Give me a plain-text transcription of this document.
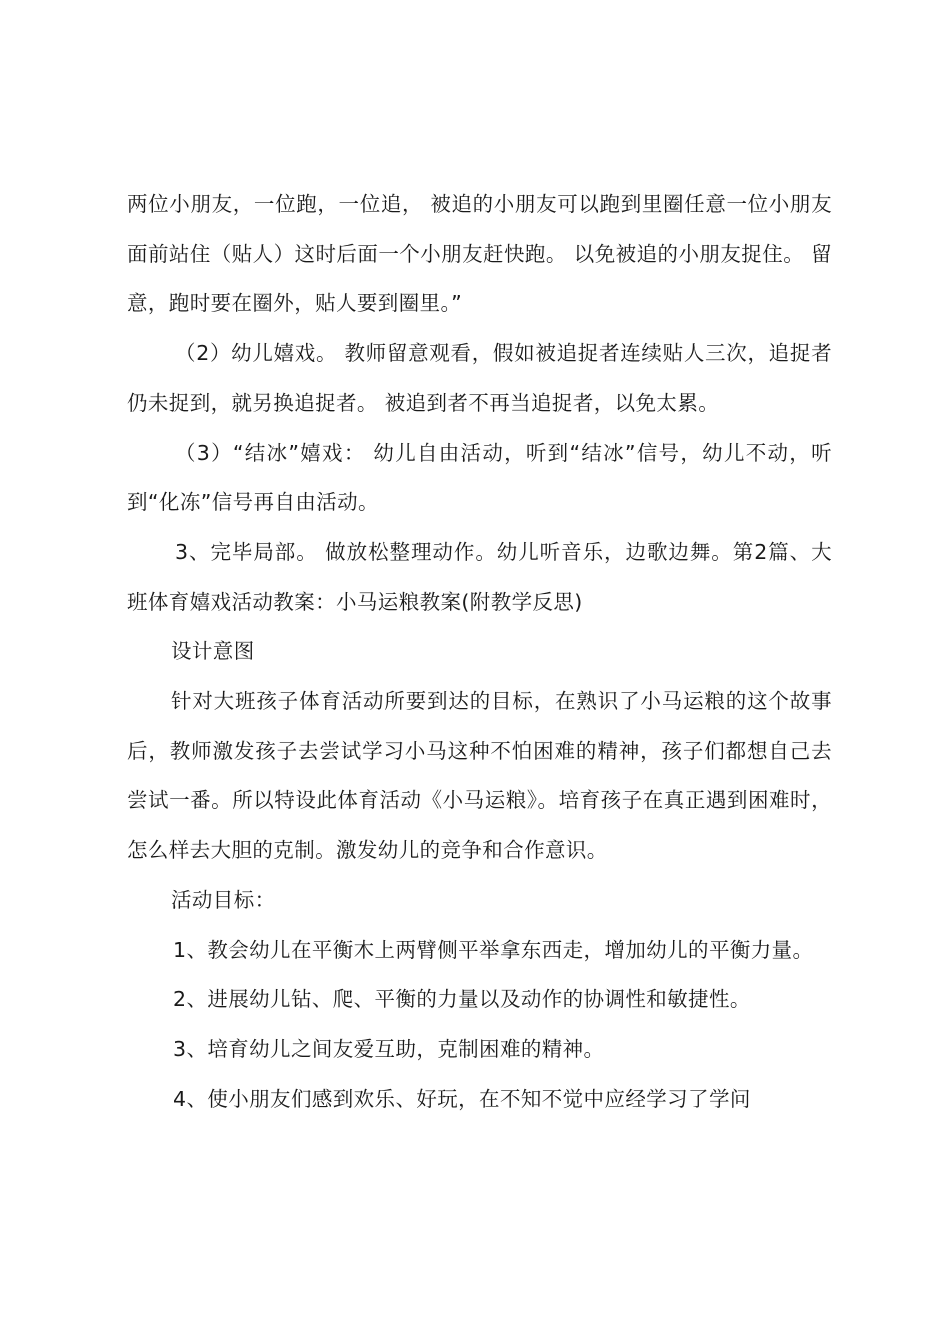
两位小朋友，一位跑，一位追， 被追的小朋友可以跑到里圈任意一位小朋友面前站住（贴人）这时后面一个小朋友赶快跑。 以免被追的小朋友捉住。 留意，跑时要在圈外，贴人要到圈里。”

（2）幼儿嬉戏。 教师留意观看，假如被追捉者连续贴人三次，追捉者仍未捉到，就另换追捉者。 被追到者不再当追捉者，以免太累。

（3）“结冰”嬉戏： 幼儿自由活动，听到“结冰”信号，幼儿不动，听到“化冻”信号再自由活动。

3、完毕局部。 做放松整理动作。幼儿听音乐，边歌边舞。第2篇、大班体育嬉戏活动教案：小马运粮教案(附教学反思)

设计意图

针对大班孩子体育活动所要到达的目标，在熟识了小马运粮的这个故事后，教师激发孩子去尝试学习小马这种不怕困难的精神，孩子们都想自己去尝试一番。所以特设此体育活动《小马运粮》。培育孩子在真正遇到困难时，怎么样去大胆的克制。激发幼儿的竞争和合作意识。

活动目标：

1、教会幼儿在平衡木上两臂侧平举拿东西走，增加幼儿的平衡力量。

2、进展幼儿钻、爬、平衡的力量以及动作的协调性和敏捷性。

3、培育幼儿之间友爱互助，克制困难的精神。

4、使小朋友们感到欢乐、好玩，在不知不觉中应经学习了学问
